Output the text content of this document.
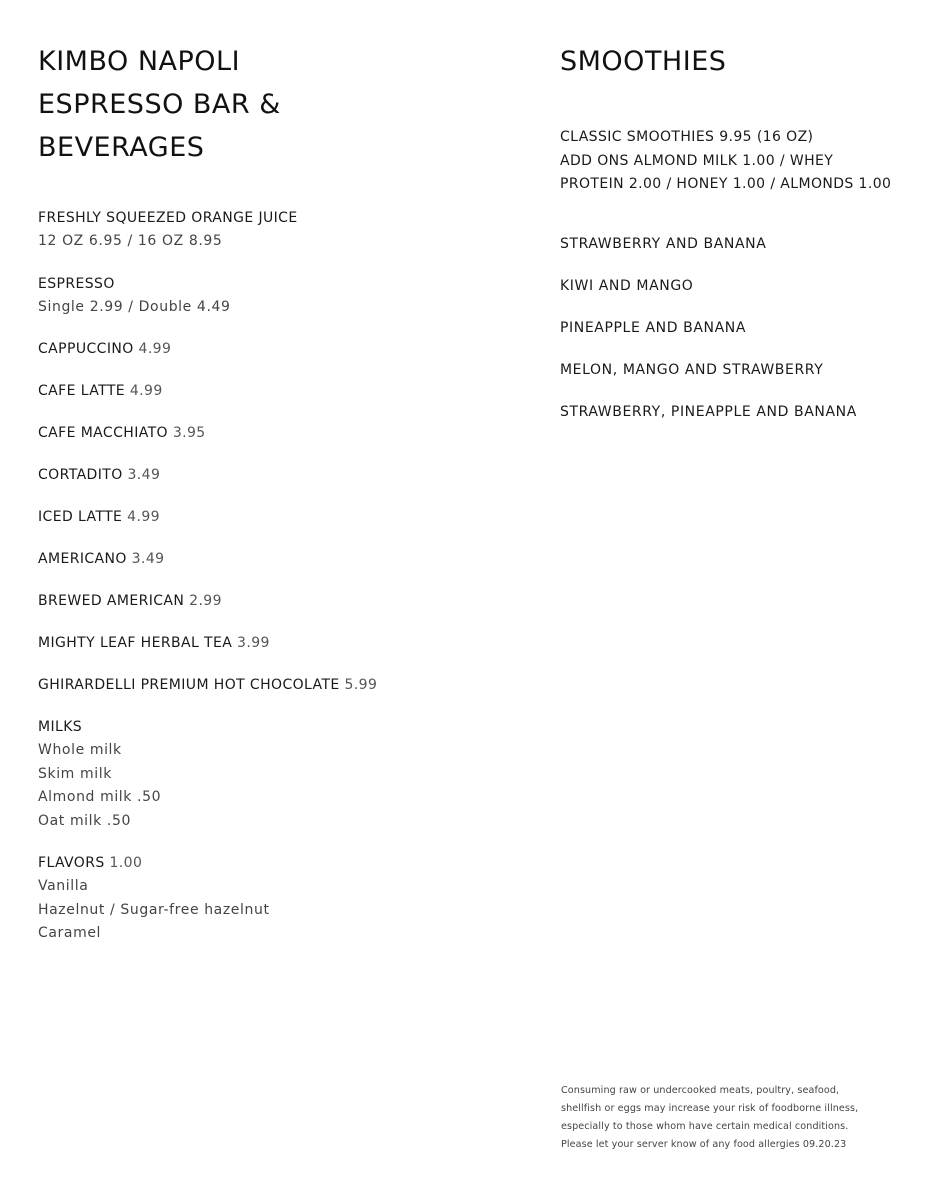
KIMBO NAPOLI
ESPRESSO BAR &
BEVERAGES
FRESHLY SQUEEZED ORANGE JUICE
12 OZ 6.95 / 16 OZ 8.95
ESPRESSO
Single 2.99 / Double 4.49
CAPPUCCINO 4.99
CAFE LATTE 4.99
CAFE MACCHIATO 3.95
CORTADITO 3.49
ICED LATTE 4.99
AMERICANO 3.49
BREWED AMERICAN 2.99
MIGHTY LEAF HERBAL TEA 3.99
GHIRARDELLI PREMIUM HOT CHOCOLATE 5.99
MILKS
Whole milk
Skim milk
Almond milk .50
Oat milk .50
FLAVORS 1.00
Vanilla
Hazelnut / Sugar-free hazelnut
Caramel
SMOOTHIES
CLASSIC SMOOTHIES 9.95 (16 OZ)
ADD ONS ALMOND MILK 1.00 / WHEY
PROTEIN 2.00 / HONEY 1.00 / ALMONDS 1.00
STRAWBERRY AND BANANA
KIWI AND MANGO
PINEAPPLE AND BANANA
MELON, MANGO AND STRAWBERRY
STRAWBERRY, PINEAPPLE AND BANANA
Consuming raw or undercooked meats, poultry, seafood,
shellfish or eggs may increase your risk of foodborne illness,
especially to those whom have certain medical conditions.
Please let your server know of any food allergies 09.20.23
